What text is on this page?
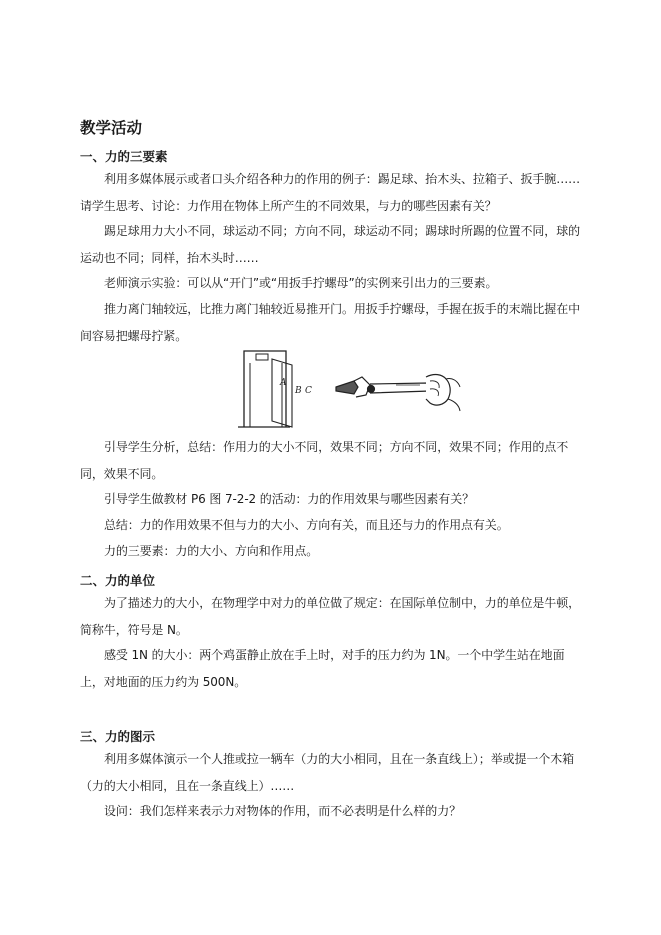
教学活动
一、力的三要素
利用多媒体展示或者口头介绍各种力的作用的例子：踢足球、抬木头、拉箱子、扳手腕……请学生思考、讨论：力作用在物体上所产生的不同效果，与力的哪些因素有关？
踢足球用力大小不同，球运动不同；方向不同，球运动不同；踢球时所踢的位置不同，球的运动也不同；同样，抬木头时……
老师演示实验：可以从“开门”或“用扳手拧螺母”的实例来引出力的三要素。
推力离门轴较远，比推力离门轴较近易推开门。用扳手拧螺母，手握在扳手的末端比握在中间容易把螺母拧紧。
A
B C
引导学生分析，总结：作用力的大小不同，效果不同；方向不同，效果不同；作用的点不同，效果不同。
引导学生做教材 P6 图 7-2-2 的活动：力的作用效果与哪些因素有关？
总结：力的作用效果不但与力的大小、方向有关，而且还与力的作用点有关。
力的三要素：力的大小、方向和作用点。
二、力的单位
为了描述力的大小，在物理学中对力的单位做了规定：在国际单位制中，力的单位是牛顿，简称牛，符号是 N。
感受 1N 的大小：两个鸡蛋静止放在手上时，对手的压力约为 1N。一个中学生站在地面上，对地面的压力约为 500N。
三、力的图示
利用多媒体演示一个人推或拉一辆车（力的大小相同，且在一条直线上）；举或提一个木箱（力的大小相同，且在一条直线上）……
设问：我们怎样来表示力对物体的作用，而不必表明是什么样的力？
